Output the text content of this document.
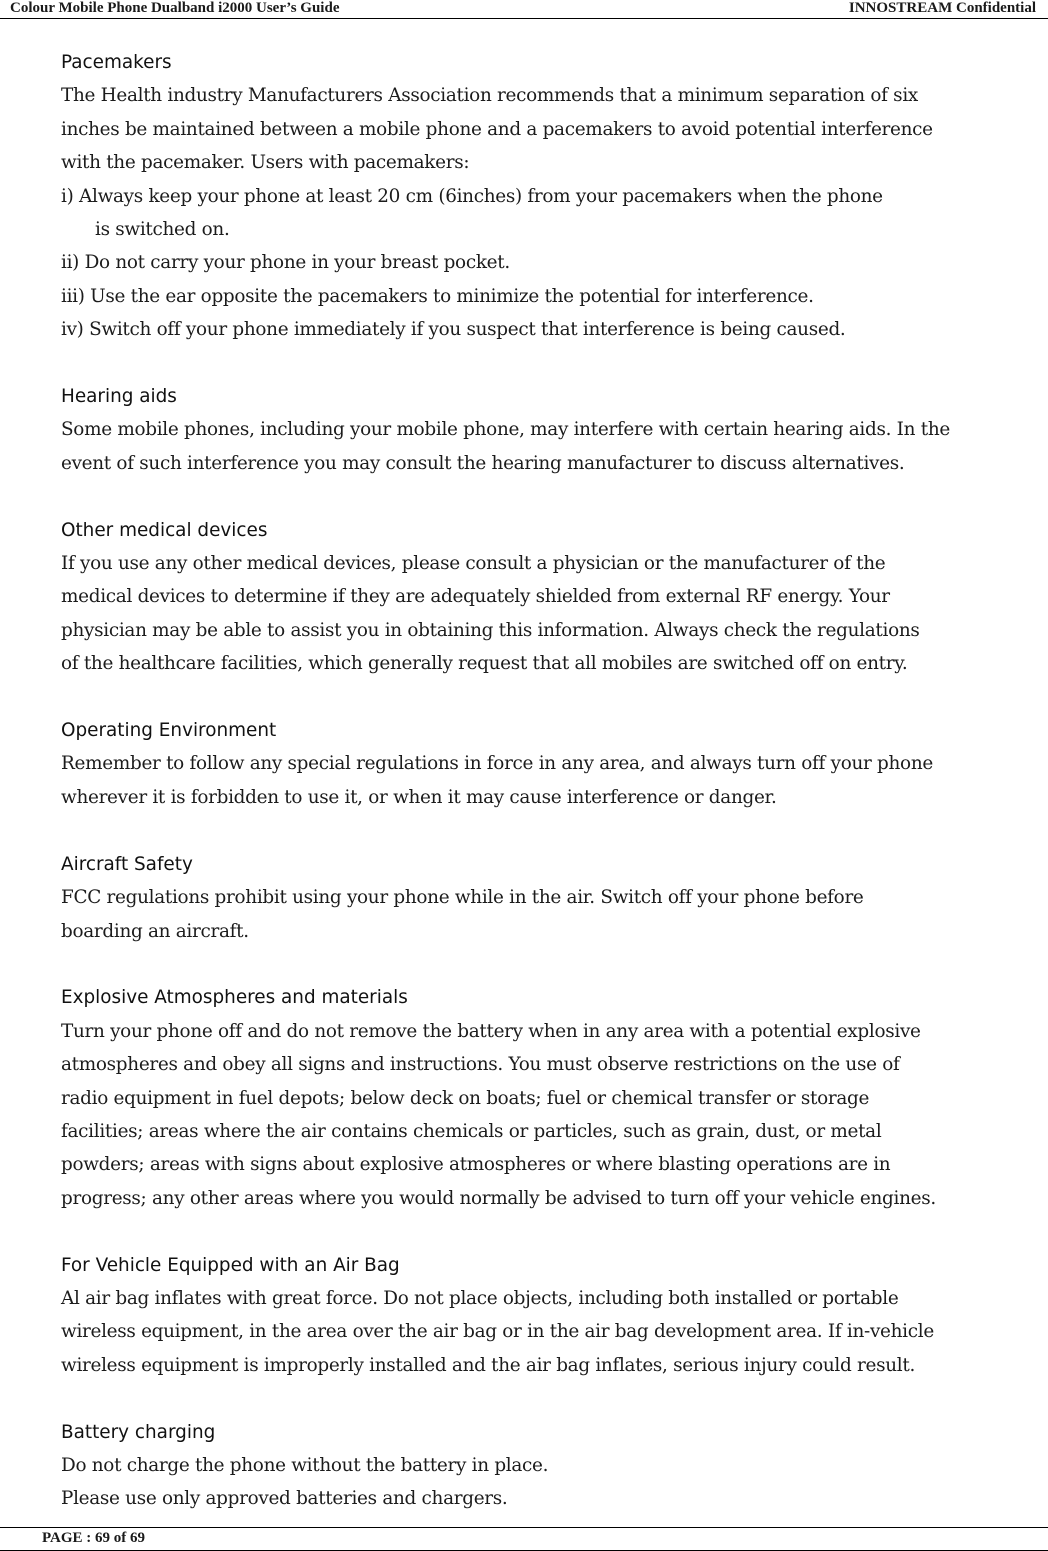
Colour Mobile Phone Dualband i2000 User’s Guide	INNOSTREAM Confidential
Pacemakers
The Health industry Manufacturers Association recommends that a minimum separation of six
inches be maintained between a mobile phone and a pacemakers to avoid potential interference
with the pacemaker. Users with pacemakers:
i) Always keep your phone at least 20 cm (6inches) from your pacemakers when the phone
is switched on.
ii) Do not carry your phone in your breast pocket.
iii) Use the ear opposite the pacemakers to minimize the potential for interference.
iv) Switch off your phone immediately if you suspect that interference is being caused.
Hearing aids
Some mobile phones, including your mobile phone, may interfere with certain hearing aids. In the
event of such interference you may consult the hearing manufacturer to discuss alternatives.
Other medical devices
If you use any other medical devices, please consult a physician or the manufacturer of the
medical devices to determine if they are adequately shielded from external RF energy. Your
physician may be able to assist you in obtaining this information. Always check the regulations
of the healthcare facilities, which generally request that all mobiles are switched off on entry.
Operating Environment
Remember to follow any special regulations in force in any area, and always turn off your phone
wherever it is forbidden to use it, or when it may cause interference or danger.
Aircraft Safety
FCC regulations prohibit using your phone while in the air. Switch off your phone before
boarding an aircraft.
Explosive Atmospheres and materials
Turn your phone off and do not remove the battery when in any area with a potential explosive
atmospheres and obey all signs and instructions. You must observe restrictions on the use of
radio equipment in fuel depots; below deck on boats; fuel or chemical transfer or storage
facilities; areas where the air contains chemicals or particles, such as grain, dust, or metal
powders; areas with signs about explosive atmospheres or where blasting operations are in
progress; any other areas where you would normally be advised to turn off your vehicle engines.
For Vehicle Equipped with an Air Bag
Al air bag inflates with great force. Do not place objects, including both installed or portable
wireless equipment, in the area over the air bag or in the air bag development area. If in-vehicle
wireless equipment is improperly installed and the air bag inflates, serious injury could result.
Battery charging
Do not charge the phone without the battery in place.
Please use only approved batteries and chargers.
PAGE : 69 of 69
